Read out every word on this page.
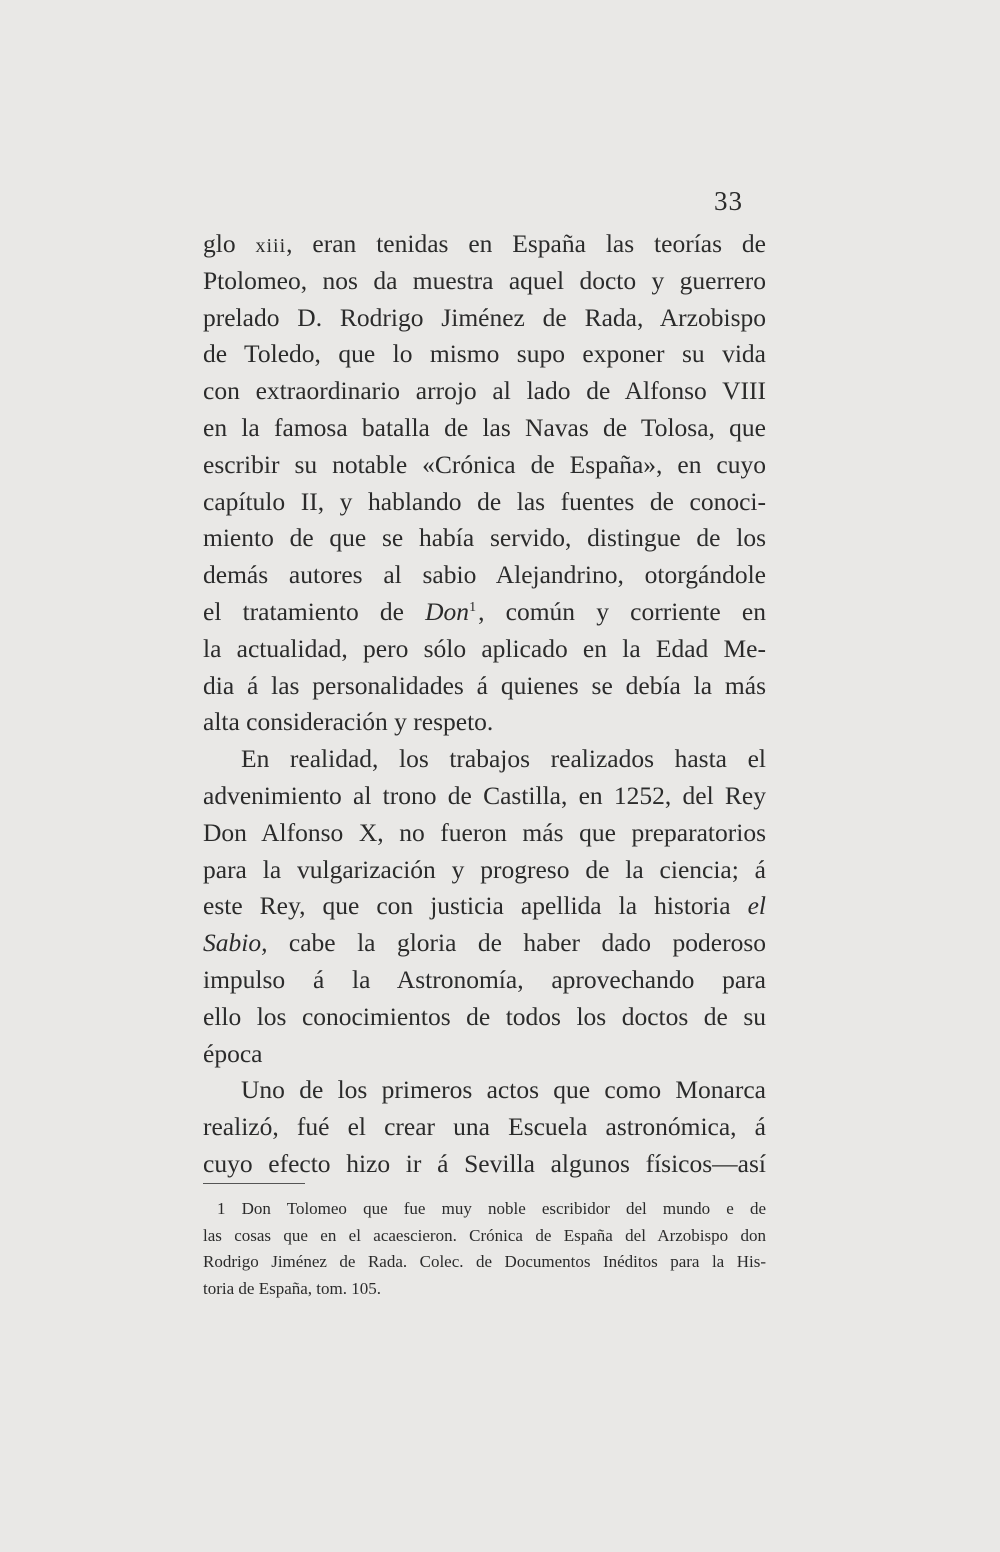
33
glo xiii, eran tenidas en España las teorías de
Ptolomeo, nos da muestra aquel docto y guerrero
prelado D. Rodrigo Jiménez de Rada, Arzobispo
de Toledo, que lo mismo supo exponer su vida
con extraordinario arrojo al lado de Alfonso VIII
en la famosa batalla de las Navas de Tolosa, que
escribir su notable «Crónica de España», en cuyo
capítulo II, y hablando de las fuentes de conoci-
miento de que se había servido, distingue de los
demás autores al sabio Alejandrino, otorgándole
el tratamiento de Don$^1$, común y corriente en
la actualidad, pero sólo aplicado en la Edad Me-
dia á las personalidades á quienes se debía la más
alta consideración y respeto.
En realidad, los trabajos realizados hasta el
advenimiento al trono de Castilla, en 1252, del Rey
Don Alfonso X, no fueron más que preparatorios
para la vulgarización y progreso de la ciencia; á
este Rey, que con justicia apellida la historia el
Sabio, cabe la gloria de haber dado poderoso
impulso á la Astronomía, aprovechando para
ello los conocimientos de todos los doctos de su
época
Uno de los primeros actos que como Monarca
realizó, fué el crear una Escuela astronómica, á
cuyo efecto hizo ir á Sevilla algunos físicos—así
1 Don Tolomeo que fue muy noble escribidor del mundo e de
las cosas que en el acaescieron. Crónica de España del Arzobispo don
Rodrigo Jiménez de Rada. Colec. de Documentos Inéditos para la His-
toria de España, tom. 105.
